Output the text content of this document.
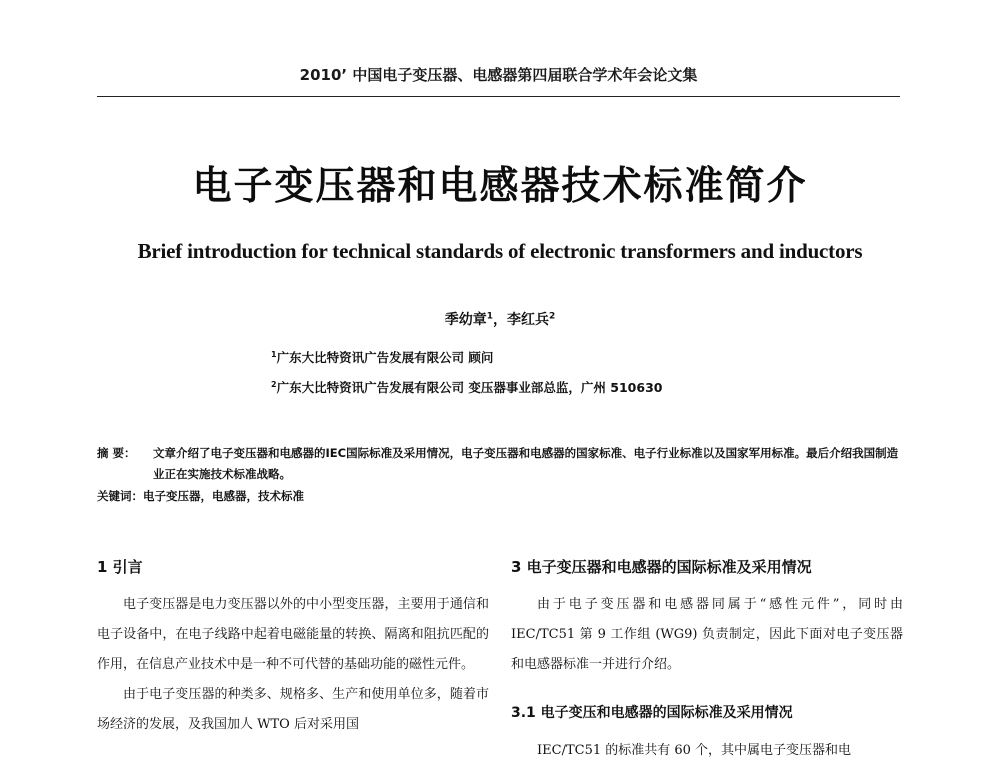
2010’ 中国电子变压器、电感器第四届联合学术年会论文集
电子变压器和电感器技术标准简介
Brief introduction for technical standards of electronic transformers and inductors
季幼章$^1$，李红兵$^2$
$^1$广东大比特资讯广告发展有限公司 顾问
$^2$广东大比特资讯广告发展有限公司 变压器事业部总监，广州 510630
摘 要：	文章介绍了电子变压器和电感器的IEC国际标准及采用情况，电子变压器和电感器的国家标准、电子行业标准以及国家军用标准。最后介绍我国制造业正在实施技术标准战略。
关键词：电子变压器，电感器，技术标准
1 引言

电子变压器是电力变压器以外的中小型变压器，主要用于通信和电子设备中，在电子线路中起着电磁能量的转换、隔离和阻抗匹配的作用，在信息产业技术中是一种不可代替的基础功能的磁性元件。

由于电子变压器的种类多、规格多、生产和使用单位多，随着市场经济的发展，及我国加人 WTO 后对采用国

3 电子变压器和电感器的国际标准及采用情况

由于电子变压器和电感器同属于“感性元件”，同时由 IEC/TC51 第 9 工作组 (WG9) 负责制定，因此下面对电子变压器和电感器标准一并进行介绍。

3.1 电子变压和电感器的国际标准及采用情况

IEC/TC51 的标准共有 60 个，其中属电子变压器和电
